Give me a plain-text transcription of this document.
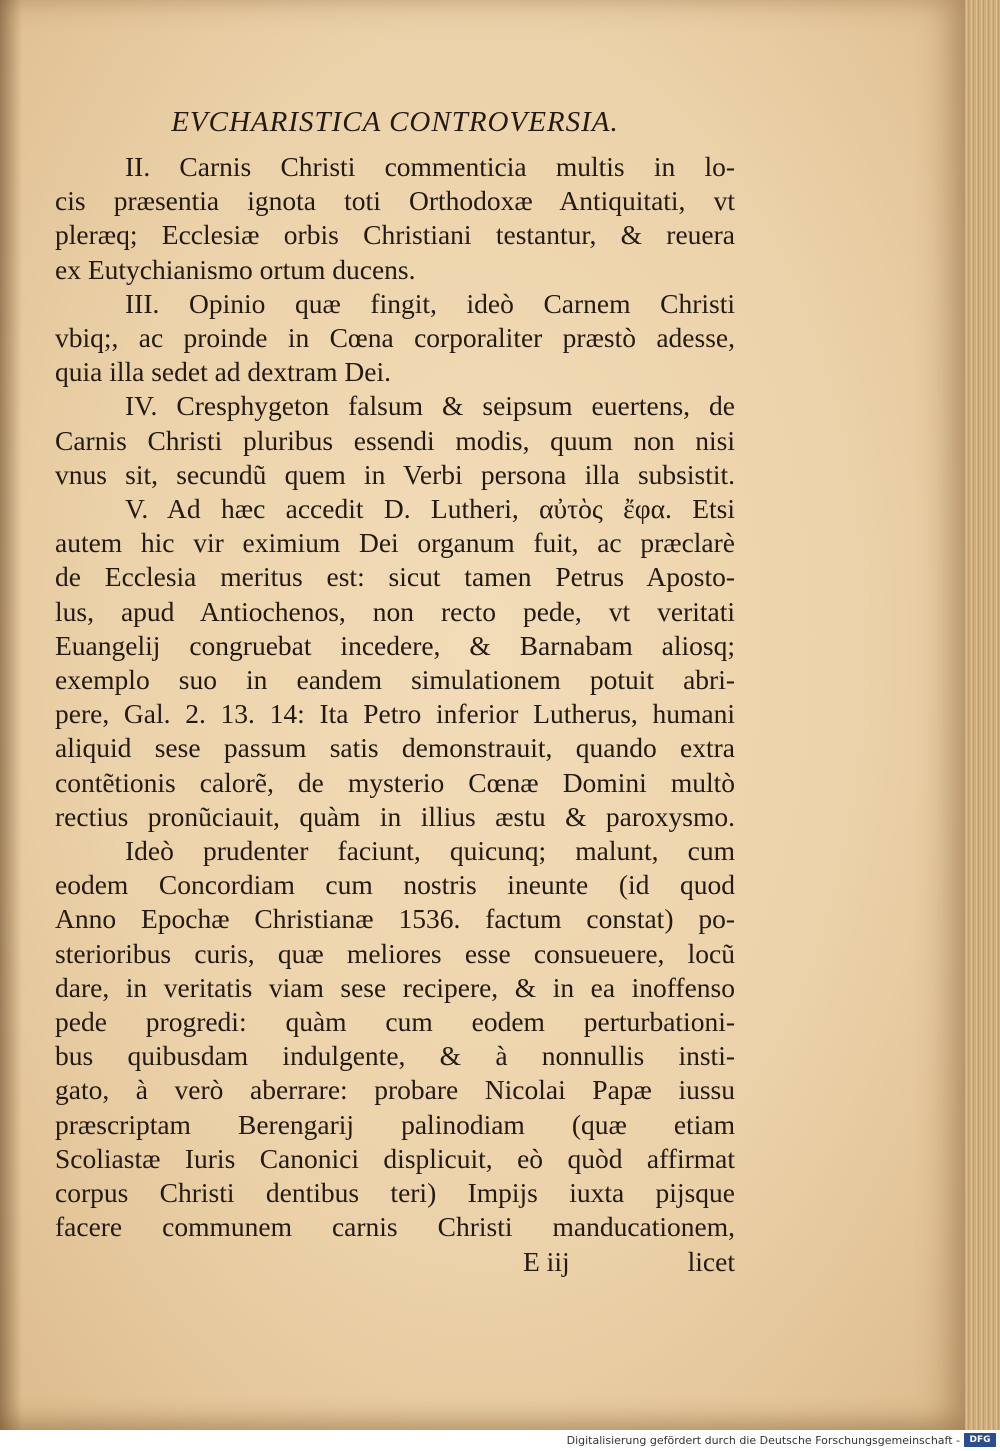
EVCHARISTICA CONTROVERSIA.

II. Carnis Christi commenticia multis in lo-

cis præsentia ignota toti Orthodoxæ Antiquitati, vt

pleræq; Ecclesiæ orbis Christiani testantur, & reuera

ex Eutychianismo ortum ducens.

III. Opinio quæ fingit, ideò Carnem Christi

vbiq;, ac proinde in Cœna corporaliter præstò adesse,

quia illa sedet ad dextram Dei.

IV. Cresphygeton falsum & seipsum euertens, de

Carnis Christi pluribus essendi modis, quum non nisi

vnus sit, secundũ quem in Verbi persona illa subsistit.

V. Ad hæc accedit D. Lutheri, αὐτὸς ἔφα. Etsi

autem hic vir eximium Dei organum fuit, ac præclarè

de Ecclesia meritus est: sicut tamen Petrus Aposto-

lus, apud Antiochenos, non recto pede, vt veritati

Euangelij congruebat incedere, & Barnabam aliosq;

exemplo suo in eandem simulationem potuit abri-

pere, Gal. 2. 13. 14: Ita Petro inferior Lutherus, humani

aliquid sese passum satis demonstrauit, quando extra

contẽtionis calorẽ, de mysterio Cœnæ Domini multò

rectius pronũciauit, quàm in illius æstu & paroxysmo.

Ideò prudenter faciunt, quicunq; malunt, cum

eodem Concordiam cum nostris ineunte (id quod

Anno Epochæ Christianæ 1536. factum constat) po-

sterioribus curis, quæ meliores esse consueuere, locũ

dare, in veritatis viam sese recipere, & in ea inoffenso

pede progredi: quàm cum eodem perturbationi-

bus quibusdam indulgente, & à nonnullis insti-

gato, à verò aberrare: probare Nicolai Papæ iussu

præscriptam Berengarij palinodiam (quæ etiam

Scoliastæ Iuris Canonici displicuit, eò quòd affirmat

corpus Christi dentibus teri) Impijs iuxta pijsque

facere communem carnis Christi manducationem,

E iij	licet
Digitalisierung gefördert durch die Deutsche Forschungsgemeinschaft -	DFG
